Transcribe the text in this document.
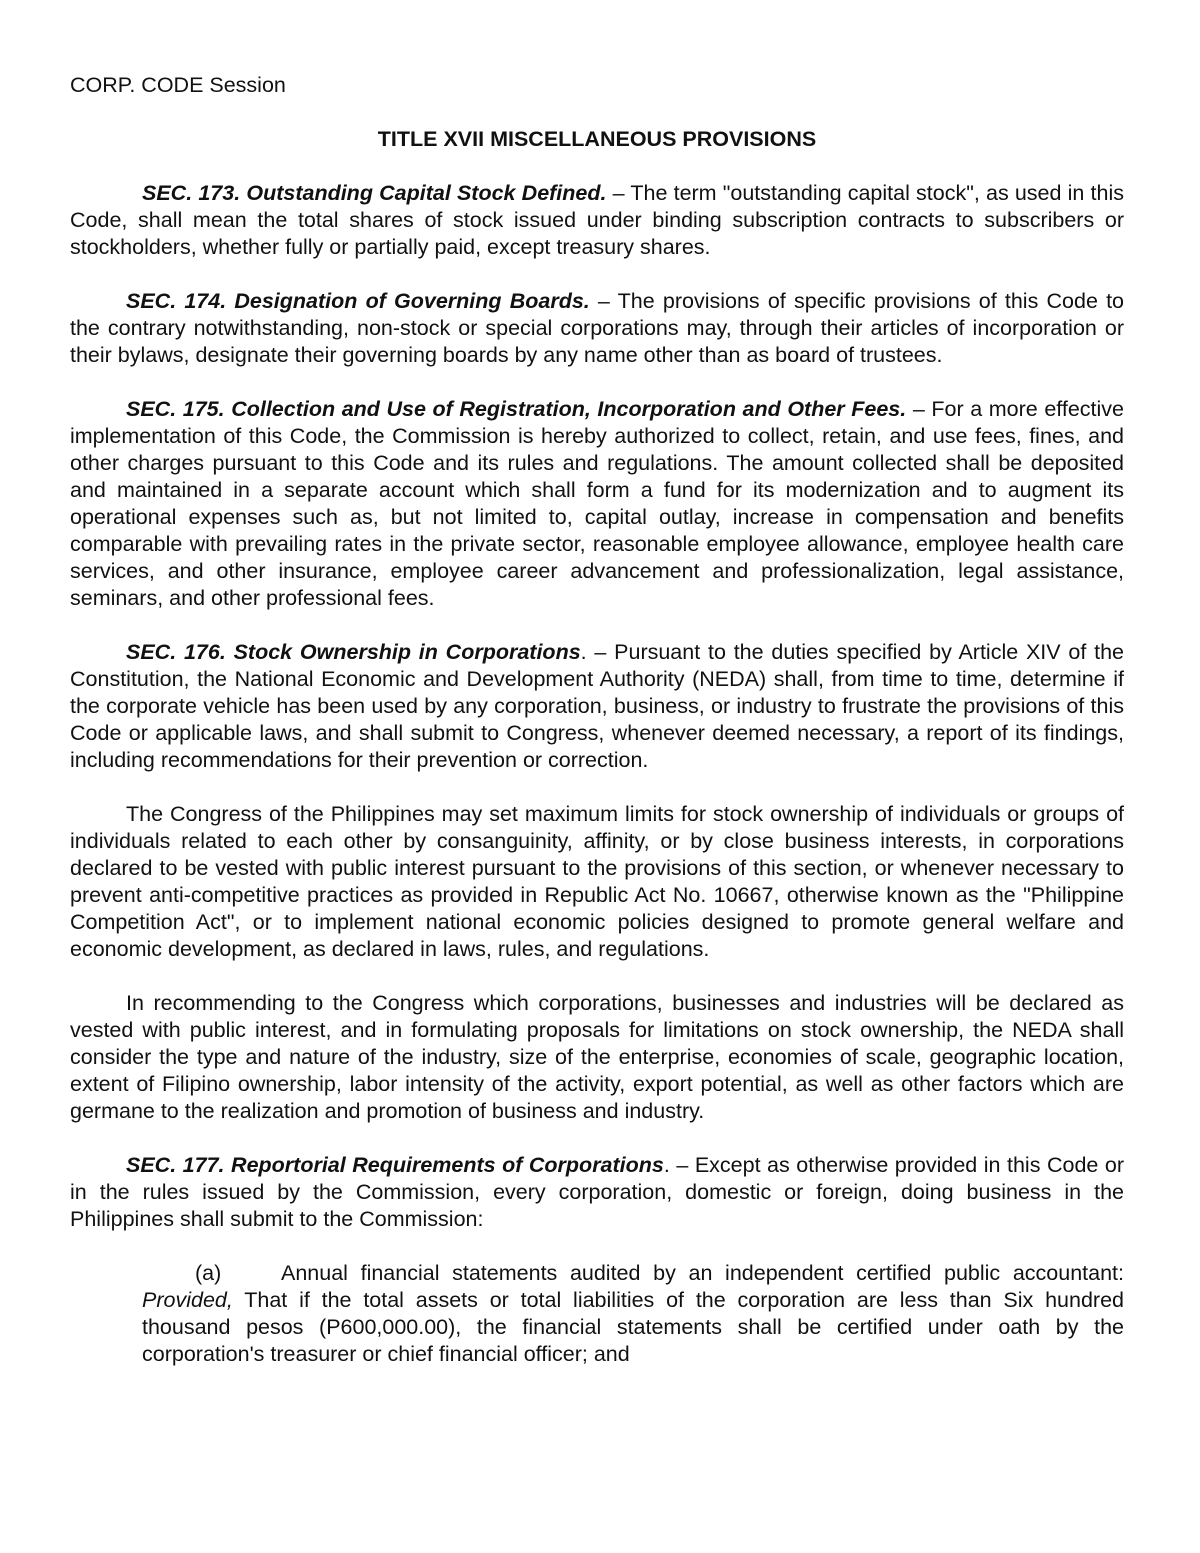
CORP. CODE Session
TITLE XVII MISCELLANEOUS PROVISIONS

SEC. 173. Outstanding Capital Stock Defined. – The term "outstanding capital stock", as used in this Code, shall mean the total shares of stock issued under binding subscription contracts to subscribers or stockholders, whether fully or partially paid, except treasury shares.

SEC. 174. Designation of Governing Boards. – The provisions of specific provisions of this Code to the contrary notwithstanding, non-stock or special corporations may, through their articles of incorporation or their bylaws, designate their governing boards by any name other than as board of trustees.

SEC. 175. Collection and Use of Registration, Incorporation and Other Fees. – For a more effective implementation of this Code, the Commission is hereby authorized to collect, retain, and use fees, fines, and other charges pursuant to this Code and its rules and regulations. The amount collected shall be deposited and maintained in a separate account which shall form a fund for its modernization and to augment its operational expenses such as, but not limited to, capital outlay, increase in compensation and benefits comparable with prevailing rates in the private sector, reasonable employee allowance, employee health care services, and other insurance, employee career advancement and professionalization, legal assistance, seminars, and other professional fees.

SEC. 176. Stock Ownership in Corporations. – Pursuant to the duties specified by Article XIV of the Constitution, the National Economic and Development Authority (NEDA) shall, from time to time, determine if the corporate vehicle has been used by any corporation, business, or industry to frustrate the provisions of this Code or applicable laws, and shall submit to Congress, whenever deemed necessary, a report of its findings, including recommendations for their prevention or correction.

The Congress of the Philippines may set maximum limits for stock ownership of individuals or groups of individuals related to each other by consanguinity, affinity, or by close business interests, in corporations declared to be vested with public interest pursuant to the provisions of this section, or whenever necessary to prevent anti-competitive practices as provided in Republic Act No. 10667, otherwise known as the "Philippine Competition Act", or to implement national economic policies designed to promote general welfare and economic development, as declared in laws, rules, and regulations.

In recommending to the Congress which corporations, businesses and industries will be declared as vested with public interest, and in formulating proposals for limitations on stock ownership, the NEDA shall consider the type and nature of the industry, size of the enterprise, economies of scale, geographic location, extent of Filipino ownership, labor intensity of the activity, export potential, as well as other factors which are germane to the realization and promotion of business and industry.

SEC. 177. Reportorial Requirements of Corporations. – Except as otherwise provided in this Code or in the rules issued by the Commission, every corporation, domestic or foreign, doing business in the Philippines shall submit to the Commission:

(a)	Annual financial statements audited by an independent certified public accountant: Provided, That if the total assets or total liabilities of the corporation are less than Six hundred thousand pesos (P600,000.00), the financial statements shall be certified under oath by the corporation's treasurer or chief financial officer; and
